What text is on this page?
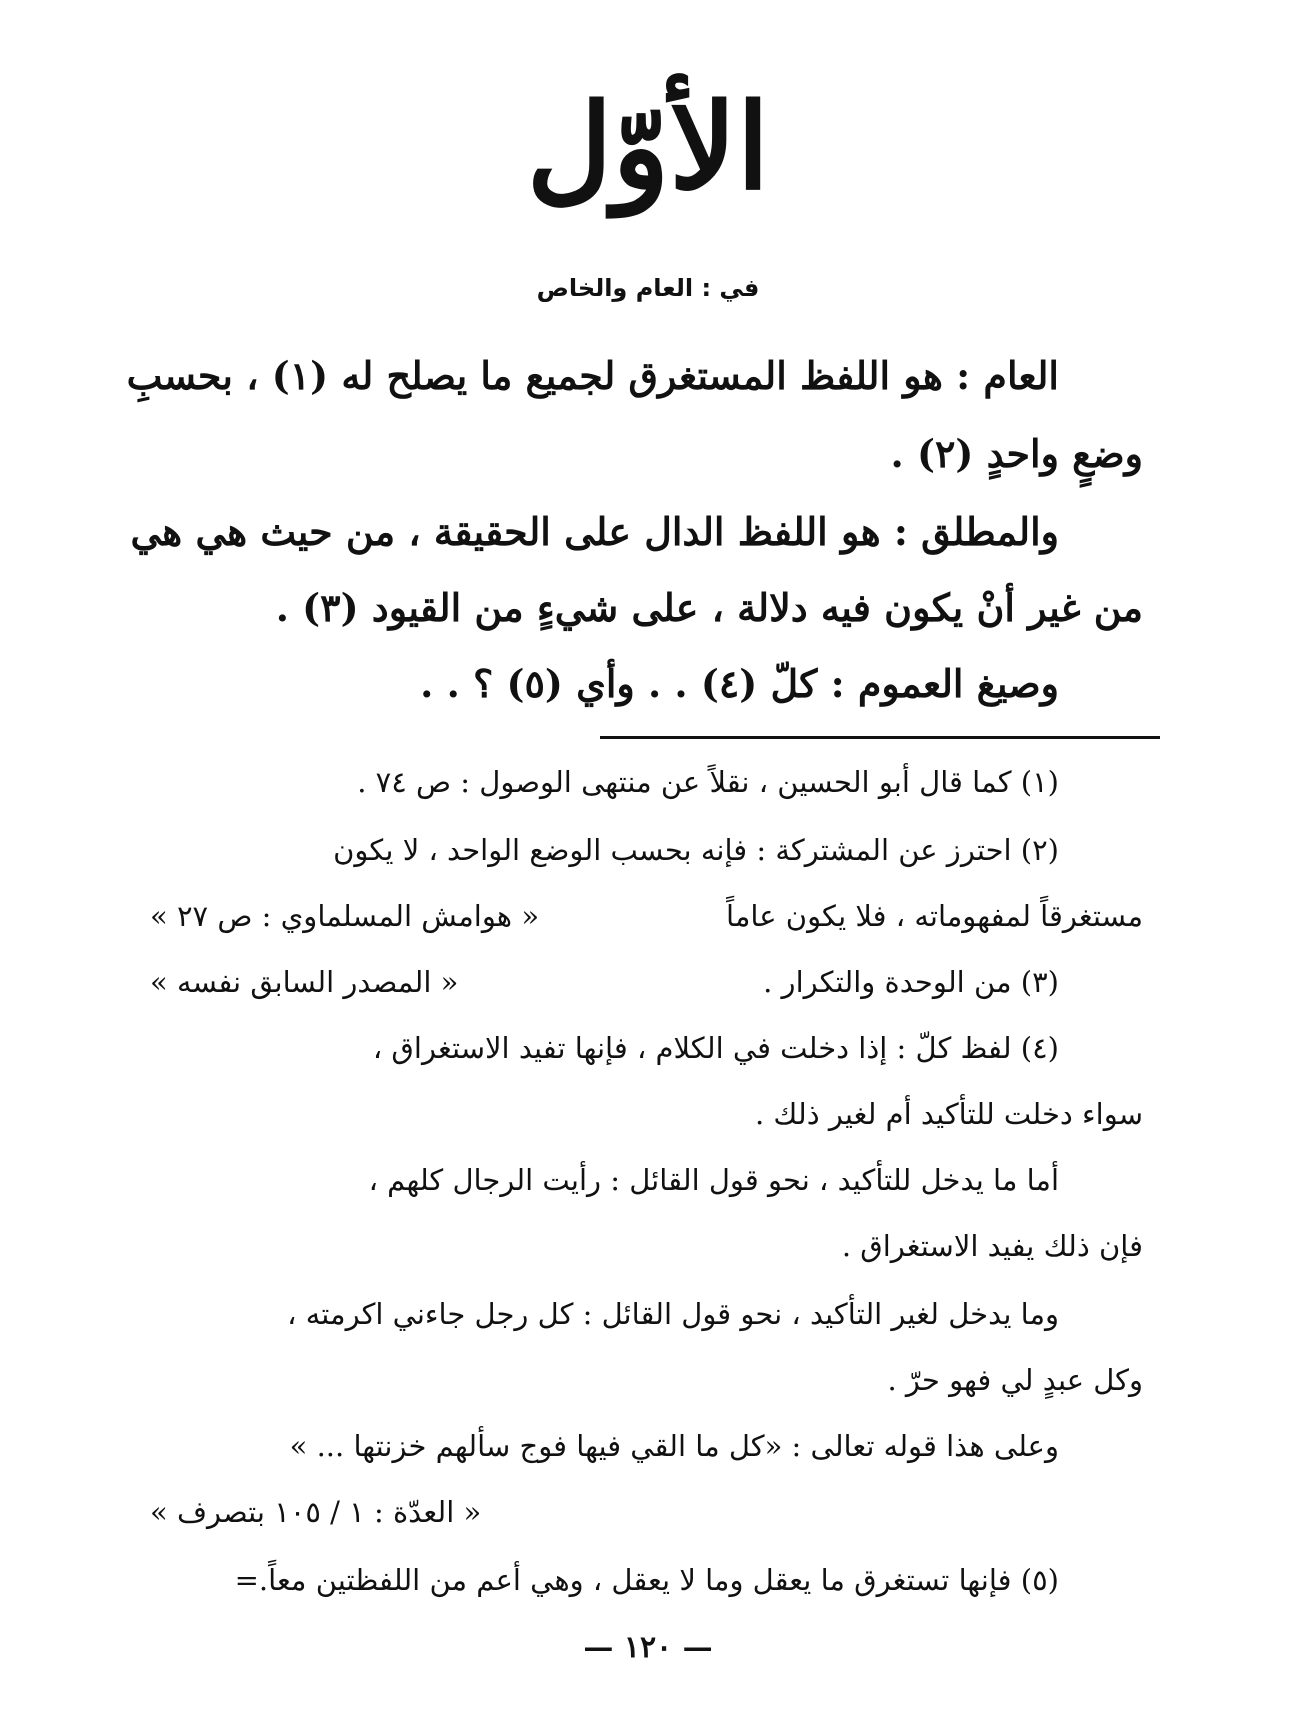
الأوّل
في : العام والخاص
العام : هو اللفظ المستغرق لجميع ما يصلح له (١) ، بحسبِ
وضعٍ واحدٍ (٢) .
والمطلق : هو اللفظ الدال على الحقيقة ، من حيث هي هي
من غير أنْ يكون فيه دلالة ، على شيءٍ من القيود (٣) .
وصيغ العموم : كلّ (٤) . . وأي (٥) ؟ . .
(١) كما قال أبو الحسين ، نقلاً عن منتهى الوصول : ص ٧٤ .
(٢) احترز عن المشتركة : فإنه بحسب الوضع الواحد ، لا يكون
مستغرقاً لمفهوماته ، فلا يكون عاماً
« هوامش المسلماوي : ص ٢٧ »
(٣) من الوحدة والتكرار .
« المصدر السابق نفسه »
(٤) لفظ كلّ : إذا دخلت في الكلام ، فإنها تفيد الاستغراق ،
سواء دخلت للتأكيد أم لغير ذلك .
أما ما يدخل للتأكيد ، نحو قول القائل : رأيت الرجال كلهم ،
فإن ذلك يفيد الاستغراق .
وما يدخل لغير التأكيد ، نحو قول القائل : كل رجل جاءني اكرمته ،
وكل عبدٍ لي فهو حرّ .
وعلى هذا قوله تعالى : «كل ما القي فيها فوج سألهم خزنتها ... »
« العدّة : ١ / ١٠٥ بتصرف »
(٥) فإنها تستغرق ما يعقل وما لا يعقل ، وهي أعم من اللفظتين معاً.=
— ١٢٠ —
